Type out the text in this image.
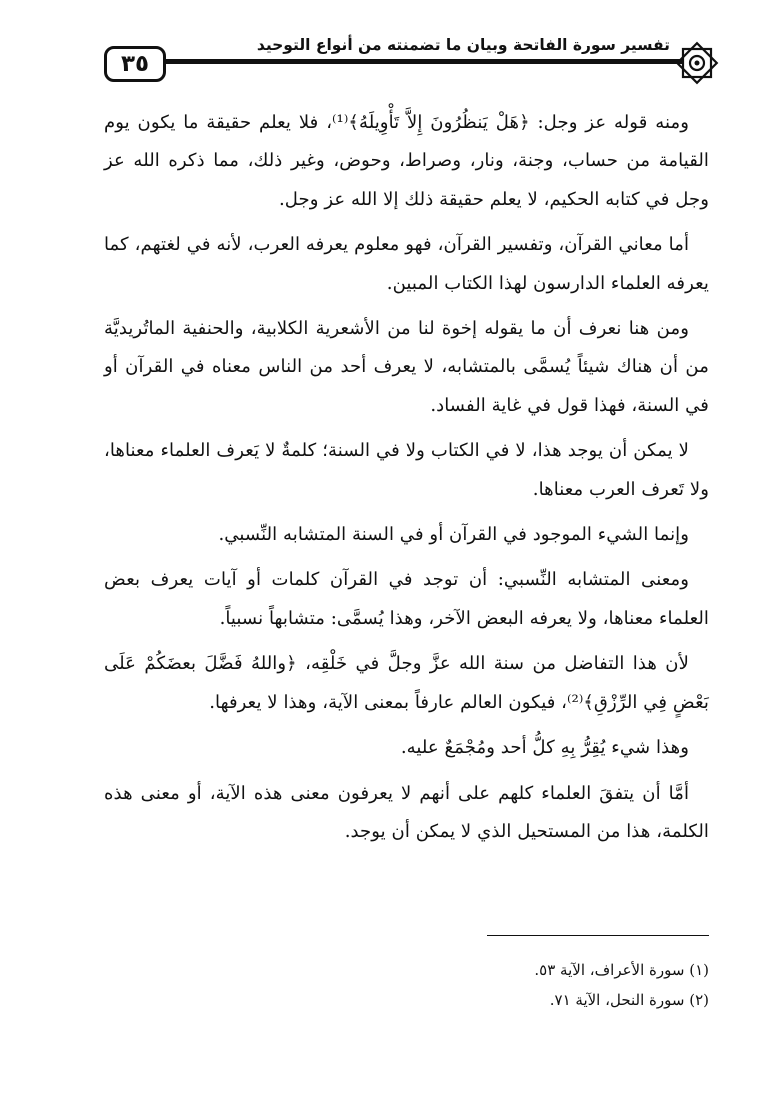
٣٥
تفسير سورة الفاتحة وبيان ما تضمنته من أنواع التوحيد

ومنه قوله عز وجل: ﴿هَلْ يَنظُرُونَ إِلاَّ تَأْوِيلَهُ﴾⁽¹⁾، فلا يعلم حقيقة ما يكون يوم القيامة من حساب، وجنة، ونار، وصراط، وحوض، وغير ذلك، مما ذكره الله عز وجل في كتابه الحكيم، لا يعلم حقيقة ذلك إلا الله عز وجل.

أما معاني القرآن، وتفسير القرآن، فهو معلوم يعرفه العرب، لأنه في لغتهم، كما يعرفه العلماء الدارسون لهذا الكتاب المبين.

ومن هنا نعرف أن ما يقوله إخوة لنا من الأشعرية الكلابية، والحنفية الماتُريديَّة من أن هناك شيئاً يُسمَّى بالمتشابه، لا يعرف أحد من الناس معناه في القرآن أو في السنة، فهذا قول في غاية الفساد.

لا يمكن أن يوجد هذا، لا في الكتاب ولا في السنة؛ كلمةٌ لا يَعرف العلماء معناها، ولا تَعرف العرب معناها.

وإنما الشيء الموجود في القرآن أو في السنة المتشابه النِّسبي.

ومعنى المتشابه النِّسبي: أن توجد في القرآن كلمات أو آيات يعرف بعض العلماء معناها، ولا يعرفه البعض الآخر، وهذا يُسمَّى: متشابهاً نسبياً.

لأن هذا التفاضل من سنة الله عزَّ وجلَّ في خَلْقِه، ﴿واللهُ فَضَّلَ بعضَكُمْ عَلَى بَعْضٍ فِي الرِّزْقِ﴾⁽²⁾، فيكون العالم عارفاً بمعنى الآية، وهذا لا يعرفها.

وهذا شيء يُقِرُّ بِهِ كلُّ أحد ومُجْمَعٌ عليه.

أمَّا أن يتفقَ العلماء كلهم على أنهم لا يعرفون معنى هذه الآية، أو معنى هذه الكلمة، هذا من المستحيل الذي لا يمكن أن يوجد.

(١) سورة الأعراف، الآية ٥٣.

(٢) سورة النحل، الآية ٧١.
